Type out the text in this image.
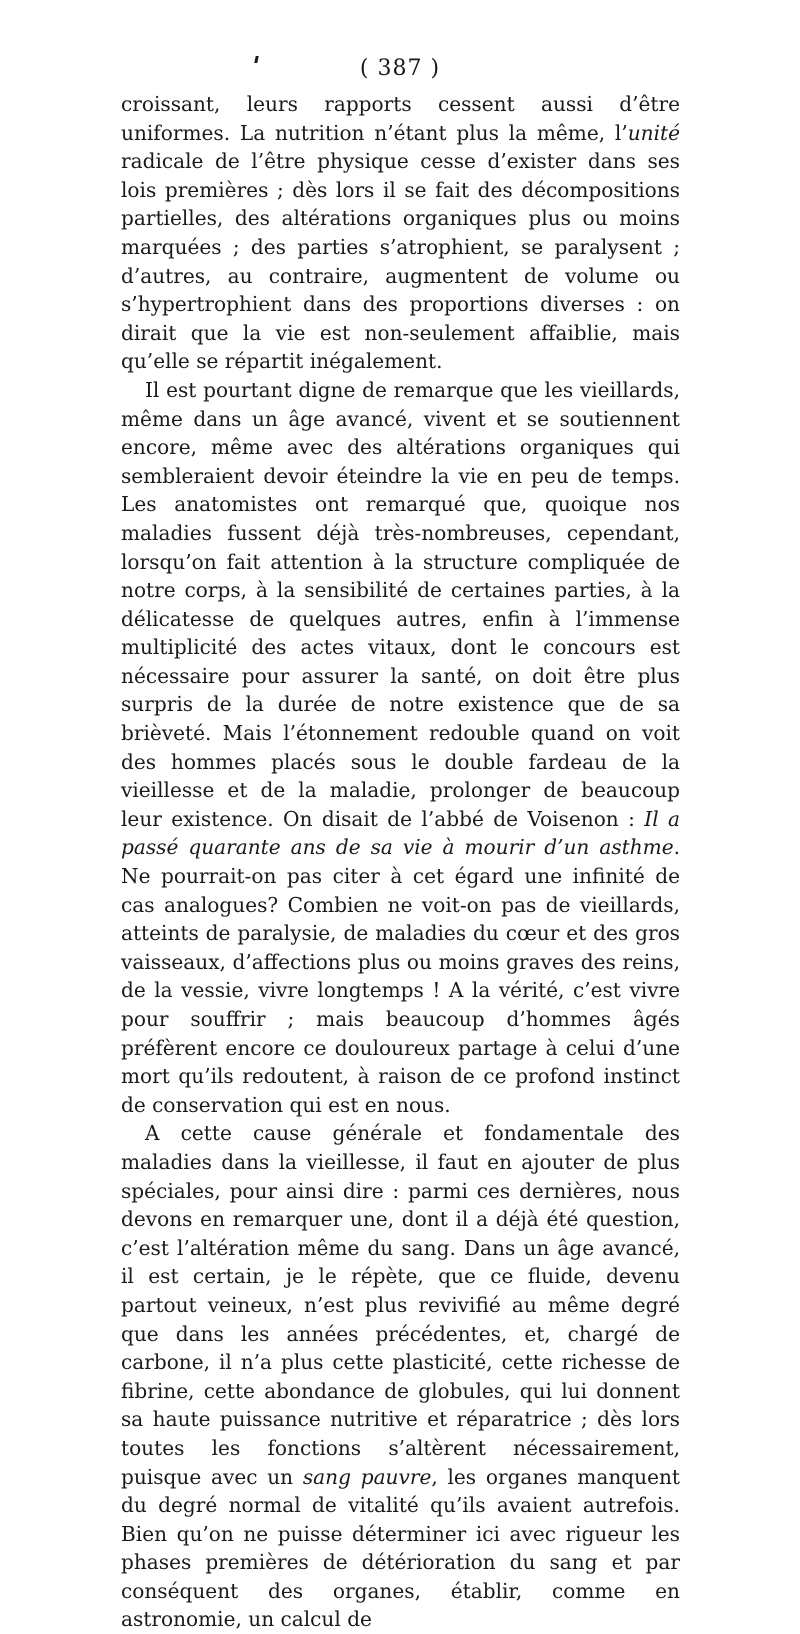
( 387 )

croissant, leurs rapports cessent aussi d’être uniformes. La nutrition n’étant plus la même, l’unité radicale de l’être physique cesse d’exister dans ses lois premières ; dès lors il se fait des décompositions partielles, des altérations organiques plus ou moins marquées ; des parties s’atrophient, se paralysent ; d’autres, au contraire, augmentent de volume ou s’hypertrophient dans des proportions diverses : on dirait que la vie est non-seulement affaiblie, mais qu’elle se répartit inégalement.

Il est pourtant digne de remarque que les vieillards, même dans un âge avancé, vivent et se soutiennent encore, même avec des altérations organiques qui sembleraient devoir éteindre la vie en peu de temps. Les anatomistes ont remarqué que, quoique nos maladies fussent déjà très-nombreuses, cependant, lorsqu’on fait attention à la structure compliquée de notre corps, à la sensibilité de certaines parties, à la délicatesse de quelques autres, enfin à l’immense multiplicité des actes vitaux, dont le concours est nécessaire pour assurer la santé, on doit être plus surpris de la durée de notre existence que de sa brièveté. Mais l’étonnement redouble quand on voit des hommes placés sous le double fardeau de la vieillesse et de la maladie, prolonger de beaucoup leur existence. On disait de l’abbé de Voisenon : Il a passé quarante ans de sa vie à mourir d’un asthme. Ne pourrait-on pas citer à cet égard une infinité de cas analogues? Combien ne voit-on pas de vieillards, atteints de paralysie, de maladies du cœur et des gros vaisseaux, d’affections plus ou moins graves des reins, de la vessie, vivre longtemps ! A la vérité, c’est vivre pour souffrir ; mais beaucoup d’hommes âgés préfèrent encore ce douloureux partage à celui d’une mort qu’ils redoutent, à raison de ce profond instinct de conservation qui est en nous.

A cette cause générale et fondamentale des maladies dans la vieillesse, il faut en ajouter de plus spéciales, pour ainsi dire : parmi ces dernières, nous devons en remarquer une, dont il a déjà été question, c’est l’altération même du sang. Dans un âge avancé, il est certain, je le répète, que ce fluide, devenu partout veineux, n’est plus revivifié au même degré que dans les années précédentes, et, chargé de carbone, il n’a plus cette plasticité, cette richesse de fibrine, cette abondance de globules, qui lui donnent sa haute puissance nutritive et réparatrice ; dès lors toutes les fonctions s’altèrent nécessairement, puisque avec un sang pauvre, les organes manquent du degré normal de vitalité qu’ils avaient autrefois. Bien qu’on ne puisse déterminer ici avec rigueur les phases premières de détérioration du sang et par conséquent des organes, établir, comme en astronomie, un calcul de
